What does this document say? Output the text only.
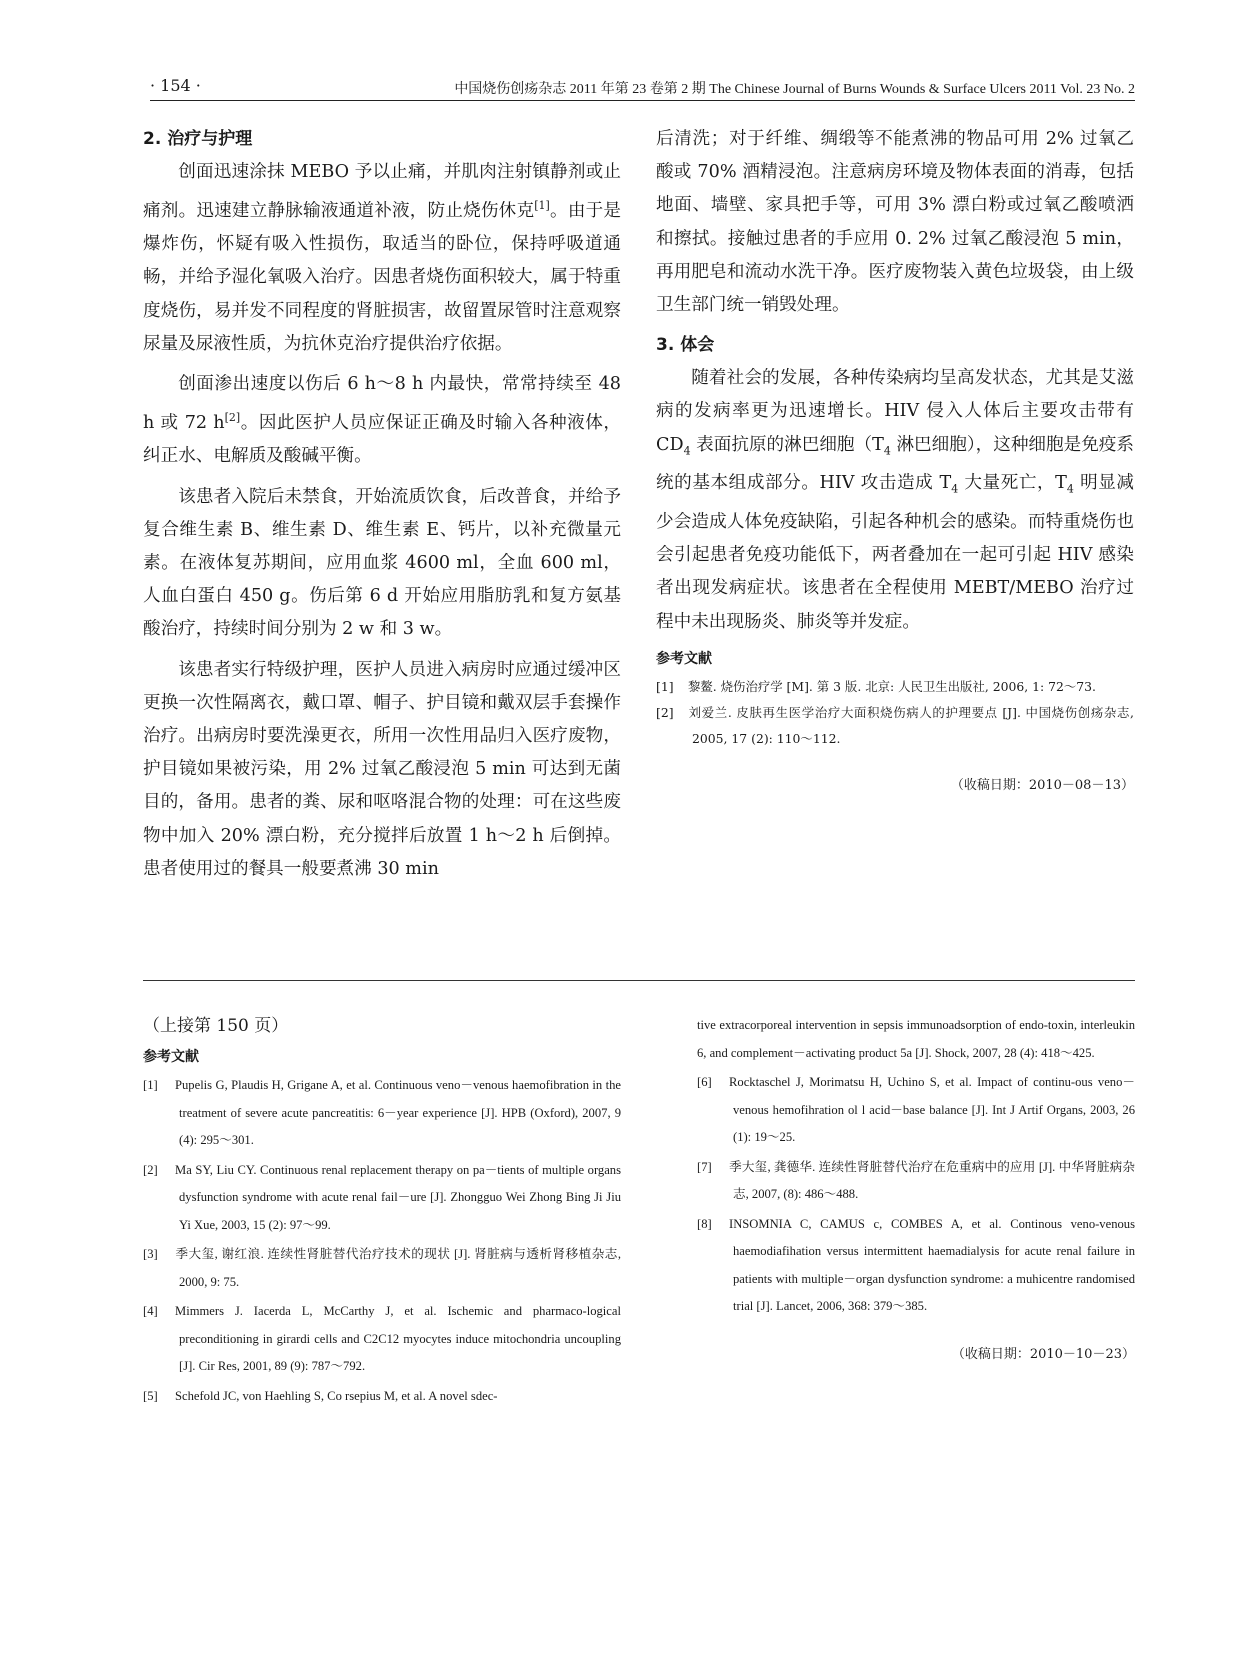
· 154 ·	中国烧伤创疡杂志 2011 年第 23 卷第 2 期 The Chinese Journal of Burns Wounds & Surface Ulcers 2011 Vol. 23 No. 2

2. 治疗与护理

创面迅速涂抹 MEBO 予以止痛，并肌肉注射镇静剂或止痛剂。迅速建立静脉输液通道补液，防止烧伤休克[1]。由于是爆炸伤，怀疑有吸入性损伤，取适当的卧位，保持呼吸道通畅，并给予湿化氧吸入治疗。因患者烧伤面积较大，属于特重度烧伤，易并发不同程度的肾脏损害，故留置尿管时注意观察尿量及尿液性质，为抗休克治疗提供治疗依据。

创面渗出速度以伤后 6 h～8 h 内最快，常常持续至 48 h 或 72 h[2]。因此医护人员应保证正确及时输入各种液体，纠正水、电解质及酸碱平衡。

该患者入院后未禁食，开始流质饮食，后改普食，并给予复合维生素 B、维生素 D、维生素 E、钙片，以补充微量元素。在液体复苏期间，应用血浆 4600 ml，全血 600 ml，人血白蛋白 450 g。伤后第 6 d 开始应用脂肪乳和复方氨基酸治疗，持续时间分别为 2 w 和 3 w。

该患者实行特级护理，医护人员进入病房时应通过缓冲区更换一次性隔离衣，戴口罩、帽子、护目镜和戴双层手套操作治疗。出病房时要洗澡更衣，所用一次性用品归入医疗废物，护目镜如果被污染，用 2% 过氧乙酸浸泡 5 min 可达到无菌目的，备用。患者的粪、尿和呕咯混合物的处理：可在这些废物中加入 20% 漂白粉，充分搅拌后放置 1 h～2 h 后倒掉。患者使用过的餐具一般要煮沸 30 min

后清洗；对于纤维、绸缎等不能煮沸的物品可用 2% 过氧乙酸或 70% 酒精浸泡。注意病房环境及物体表面的消毒，包括地面、墙壁、家具把手等，可用 3% 漂白粉或过氧乙酸喷洒和擦拭。接触过患者的手应用 0. 2% 过氧乙酸浸泡 5 min，再用肥皂和流动水洗干净。医疗废物装入黄色垃圾袋，由上级卫生部门统一销毁处理。

3. 体会

随着社会的发展，各种传染病均呈高发状态，尤其是艾滋病的发病率更为迅速增长。HIV 侵入人体后主要攻击带有 $CD_4$ 表面抗原的淋巴细胞（$T_4$ 淋巴细胞），这种细胞是免疫系统的基本组成部分。HIV 攻击造成 $T_4$ 大量死亡，$T_4$ 明显减少会造成人体免疫缺陷，引起各种机会的感染。而特重烧伤也会引起患者免疫功能低下，两者叠加在一起可引起 HIV 感染者出现发病症状。该患者在全程使用 MEBT/MEBO 治疗过程中未出现肠炎、肺炎等并发症。

参考文献

[1] 黎鳌. 烧伤治疗学 [M]. 第 3 版. 北京: 人民卫生出版社, 2006, 1: 72～73.

[2] 刘爱兰. 皮肤再生医学治疗大面积烧伤病人的护理要点 [J]. 中国烧伤创疡杂志, 2005, 17 (2): 110～112.

（收稿日期：2010－08－13）

（上接第 150 页）

参考文献

[1] Pupelis G, Plaudis H, Grigane A, et al. Continuous veno－venous haemofibration in the treatment of severe acute pancreatitis: 6－year experience [J]. HPB (Oxford), 2007, 9 (4): 295～301.

[2] Ma SY, Liu CY. Continuous renal replacement therapy on pa－tients of multiple organs dysfunction syndrome with acute renal fail－ure [J]. Zhongguo Wei Zhong Bing Ji Jiu Yi Xue, 2003, 15 (2): 97～99.

[3] 季大玺, 谢红浪. 连续性肾脏替代治疗技术的现状 [J]. 肾脏病与透析肾移植杂志, 2000, 9: 75.

[4] Mimmers J. Iacerda L, McCarthy J, et al. Ischemic and pharmaco-logical preconditioning in girardi cells and C2C12 myocytes induce mitochondria uncoupling [J]. Cir Res, 2001, 89 (9): 787～792.

[5] Schefold JC, von Haehling S, Co rsepius M, et al. A novel sdec-

tive extracorporeal intervention in sepsis immunoadsorption of endo-toxin, interleukin 6, and complement－activating product 5a [J]. Shock, 2007, 28 (4): 418～425.

[6] Rocktaschel J, Morimatsu H, Uchino S, et al. Impact of continu-ous veno－venous hemofihration ol l acid－base balance [J]. Int J Artif Organs, 2003, 26 (1): 19～25.

[7] 季大玺, 龚德华. 连续性肾脏替代治疗在危重病中的应用 [J]. 中华肾脏病杂志, 2007, (8): 486～488.

[8] INSOMNIA C, CAMUS c, COMBES A, et al. Continous veno-venous haemodiafihation versus intermittent haemadialysis for acute renal failure in patients with multiple－organ dysfunction syndrome: a muhicentre randomised trial [J]. Lancet, 2006, 368: 379～385.

（收稿日期：2010－10－23）
